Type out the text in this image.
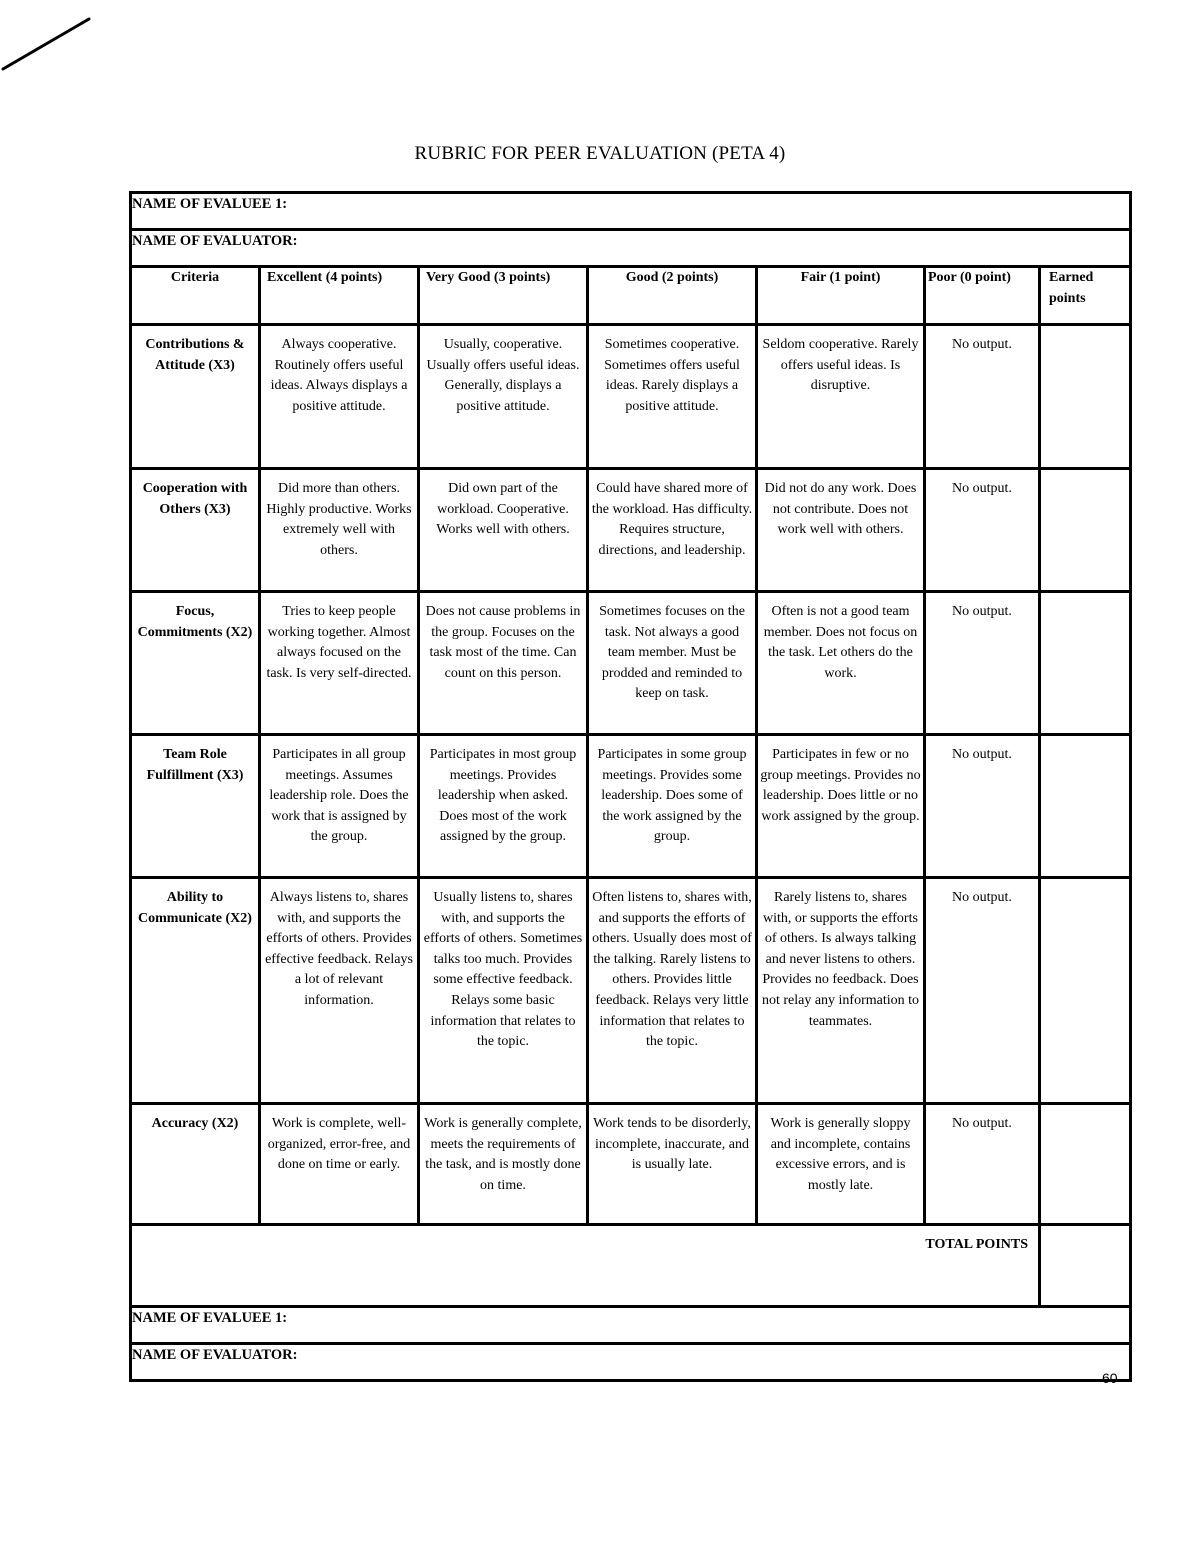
RUBRIC FOR PEER EVALUATION (PETA 4)
NAME OF EVALUEE 1:						
NAME OF EVALUATOR:						
Criteria	Excellent (4 points)	Very Good (3 points)	Good (2 points)	Fair (1 point)	Poor (0 point)	Earned points
Contributions & Attitude (X3)	Always cooperative. Routinely offers useful ideas. Always displays a positive attitude.	Usually, cooperative. Usually offers useful ideas. Generally, displays a positive attitude.	Sometimes cooperative. Sometimes offers useful ideas. Rarely displays a positive attitude.	Seldom cooperative. Rarely offers useful ideas. Is disruptive.	No output.	
Cooperation with Others (X3)	Did more than others. Highly productive. Works extremely well with others.	Did own part of the workload. Cooperative. Works well with others.	Could have shared more of the workload. Has difficulty. Requires structure, directions, and leadership.	Did not do any work. Does not contribute. Does not work well with others.	No output.	
Focus, Commitments (X2)	Tries to keep people working together. Almost always focused on the task. Is very self-directed.	Does not cause problems in the group. Focuses on the task most of the time. Can count on this person.	Sometimes focuses on the task. Not always a good team member. Must be prodded and reminded to keep on task.	Often is not a good team member. Does not focus on the task. Let others do the work.	No output.	
Team Role Fulfillment (X3)	Participates in all group meetings. Assumes leadership role. Does the work that is assigned by the group.	Participates in most group meetings. Provides leadership when asked. Does most of the work assigned by the group.	Participates in some group meetings. Provides some leadership. Does some of the work assigned by the group.	Participates in few or no group meetings. Provides no leadership. Does little or no work assigned by the group.	No output.	
Ability to Communicate (X2)	Always listens to, shares with, and supports the efforts of others. Provides effective feedback. Relays a lot of relevant information.	Usually listens to, shares with, and supports the efforts of others. Sometimes talks too much. Provides some effective feedback. Relays some basic information that relates to the topic.	Often listens to, shares with, and supports the efforts of others. Usually does most of the talking. Rarely listens to others. Provides little feedback. Relays very little information that relates to the topic.	Rarely listens to, shares with, or supports the efforts of others. Is always talking and never listens to others. Provides no feedback. Does not relay any information to teammates.	No output.	
Accuracy (X2)	Work is complete, well-organized, error-free, and done on time or early.	Work is generally complete, meets the requirements of the task, and is mostly done on time.	Work tends to be disorderly, incomplete, inaccurate, and is usually late.	Work is generally sloppy and incomplete, contains excessive errors, and is mostly late.	No output.	
TOTAL POINTS						
NAME OF EVALUEE 1:						
NAME OF EVALUATOR:						
60
